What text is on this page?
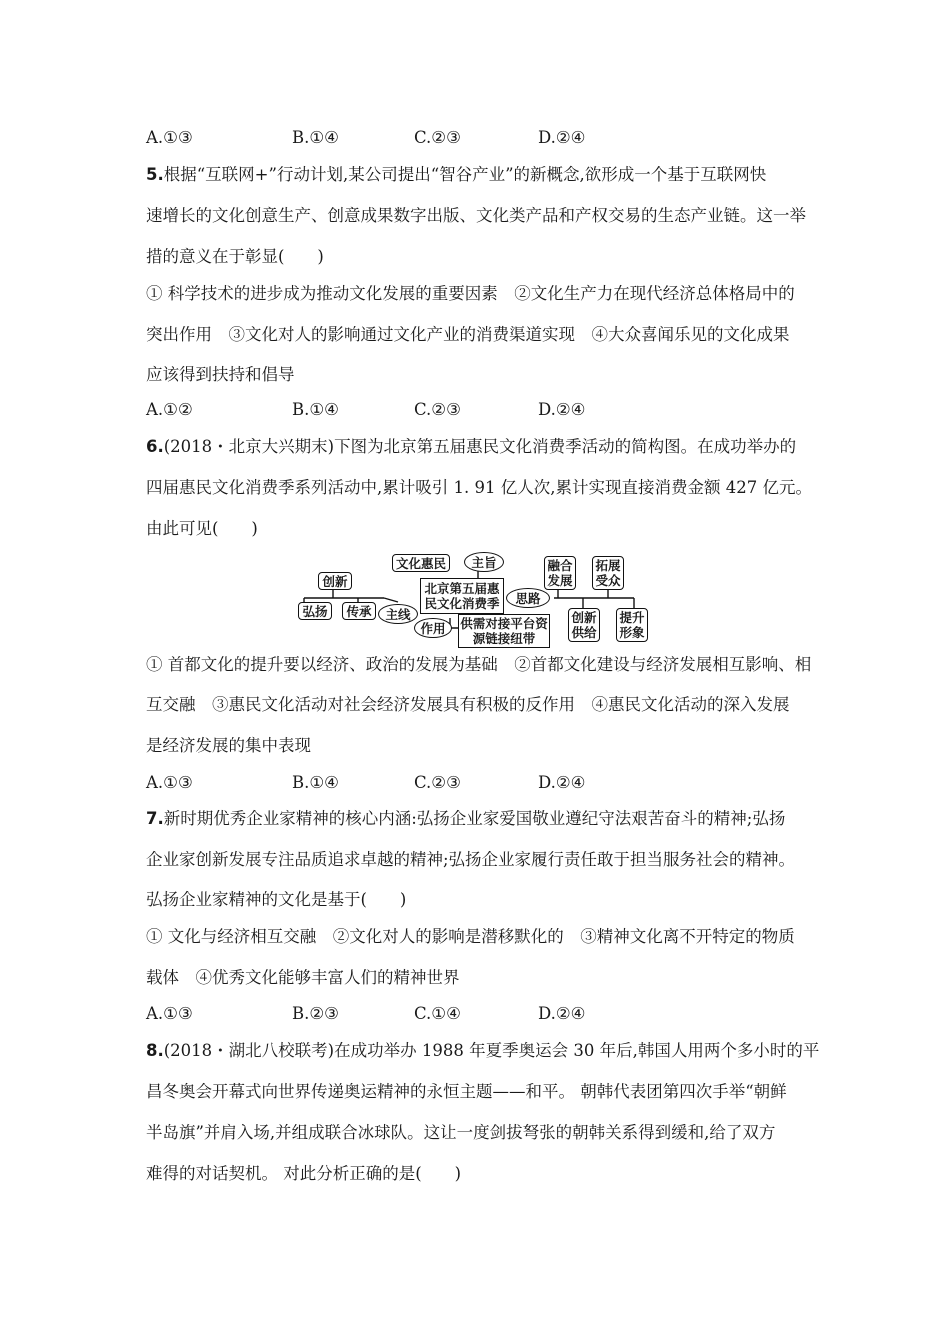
A.①③	B.①④	C.②③	D.②④
5.根据“互联网+”行动计划,某公司提出“智谷产业”的新概念,欲形成一个基于互联网快
速增长的文化创意生产、创意成果数字出版、文化类产品和产权交易的生态产业链。这一举
措的意义在于彰显(　　)
① 科学技术的进步成为推动文化发展的重要因素　②文化生产力在现代经济总体格局中的
突出作用　③文化对人的影响通过文化产业的消费渠道实现　④大众喜闻乐见的文化成果
应该得到扶持和倡导
A.①②	B.①④	C.②③	D.②④
6.(2018・北京大兴期末)下图为北京第五届惠民文化消费季活动的简构图。在成功举办的
四届惠民文化消费季系列活动中,累计吸引 1. 91 亿人次,累计实现直接消费金额 427 亿元。
由此可见(　　)
创新
弘扬	传承	主线
文化惠民	主旨
北京第五届惠民文化消费季
作用	供需对接平台资源链接纽带
思路
融合发展
拓展受众
创新供给
提升形象
① 首都文化的提升要以经济、政治的发展为基础　②首都文化建设与经济发展相互影响、相
互交融　③惠民文化活动对社会经济发展具有积极的反作用　④惠民文化活动的深入发展
是经济发展的集中表现
A.①③	B.①④	C.②③	D.②④
7.新时期优秀企业家精神的核心内涵:弘扬企业家爱国敬业遵纪守法艰苦奋斗的精神;弘扬
企业家创新发展专注品质追求卓越的精神;弘扬企业家履行责任敢于担当服务社会的精神。
弘扬企业家精神的文化是基于(　　)
① 文化与经济相互交融　②文化对人的影响是潜移默化的　③精神文化离不开特定的物质
载体　④优秀文化能够丰富人们的精神世界
A.①③	B.②③	C.①④	D.②④
8.(2018・湖北八校联考)在成功举办 1988 年夏季奥运会 30 年后,韩国人用两个多小时的平
昌冬奥会开幕式向世界传递奥运精神的永恒主题——和平。 朝韩代表团第四次手举“朝鲜
半岛旗”并肩入场,并组成联合冰球队。这让一度剑拔弩张的朝韩关系得到缓和,给了双方
难得的对话契机。 对此分析正确的是(　　)
